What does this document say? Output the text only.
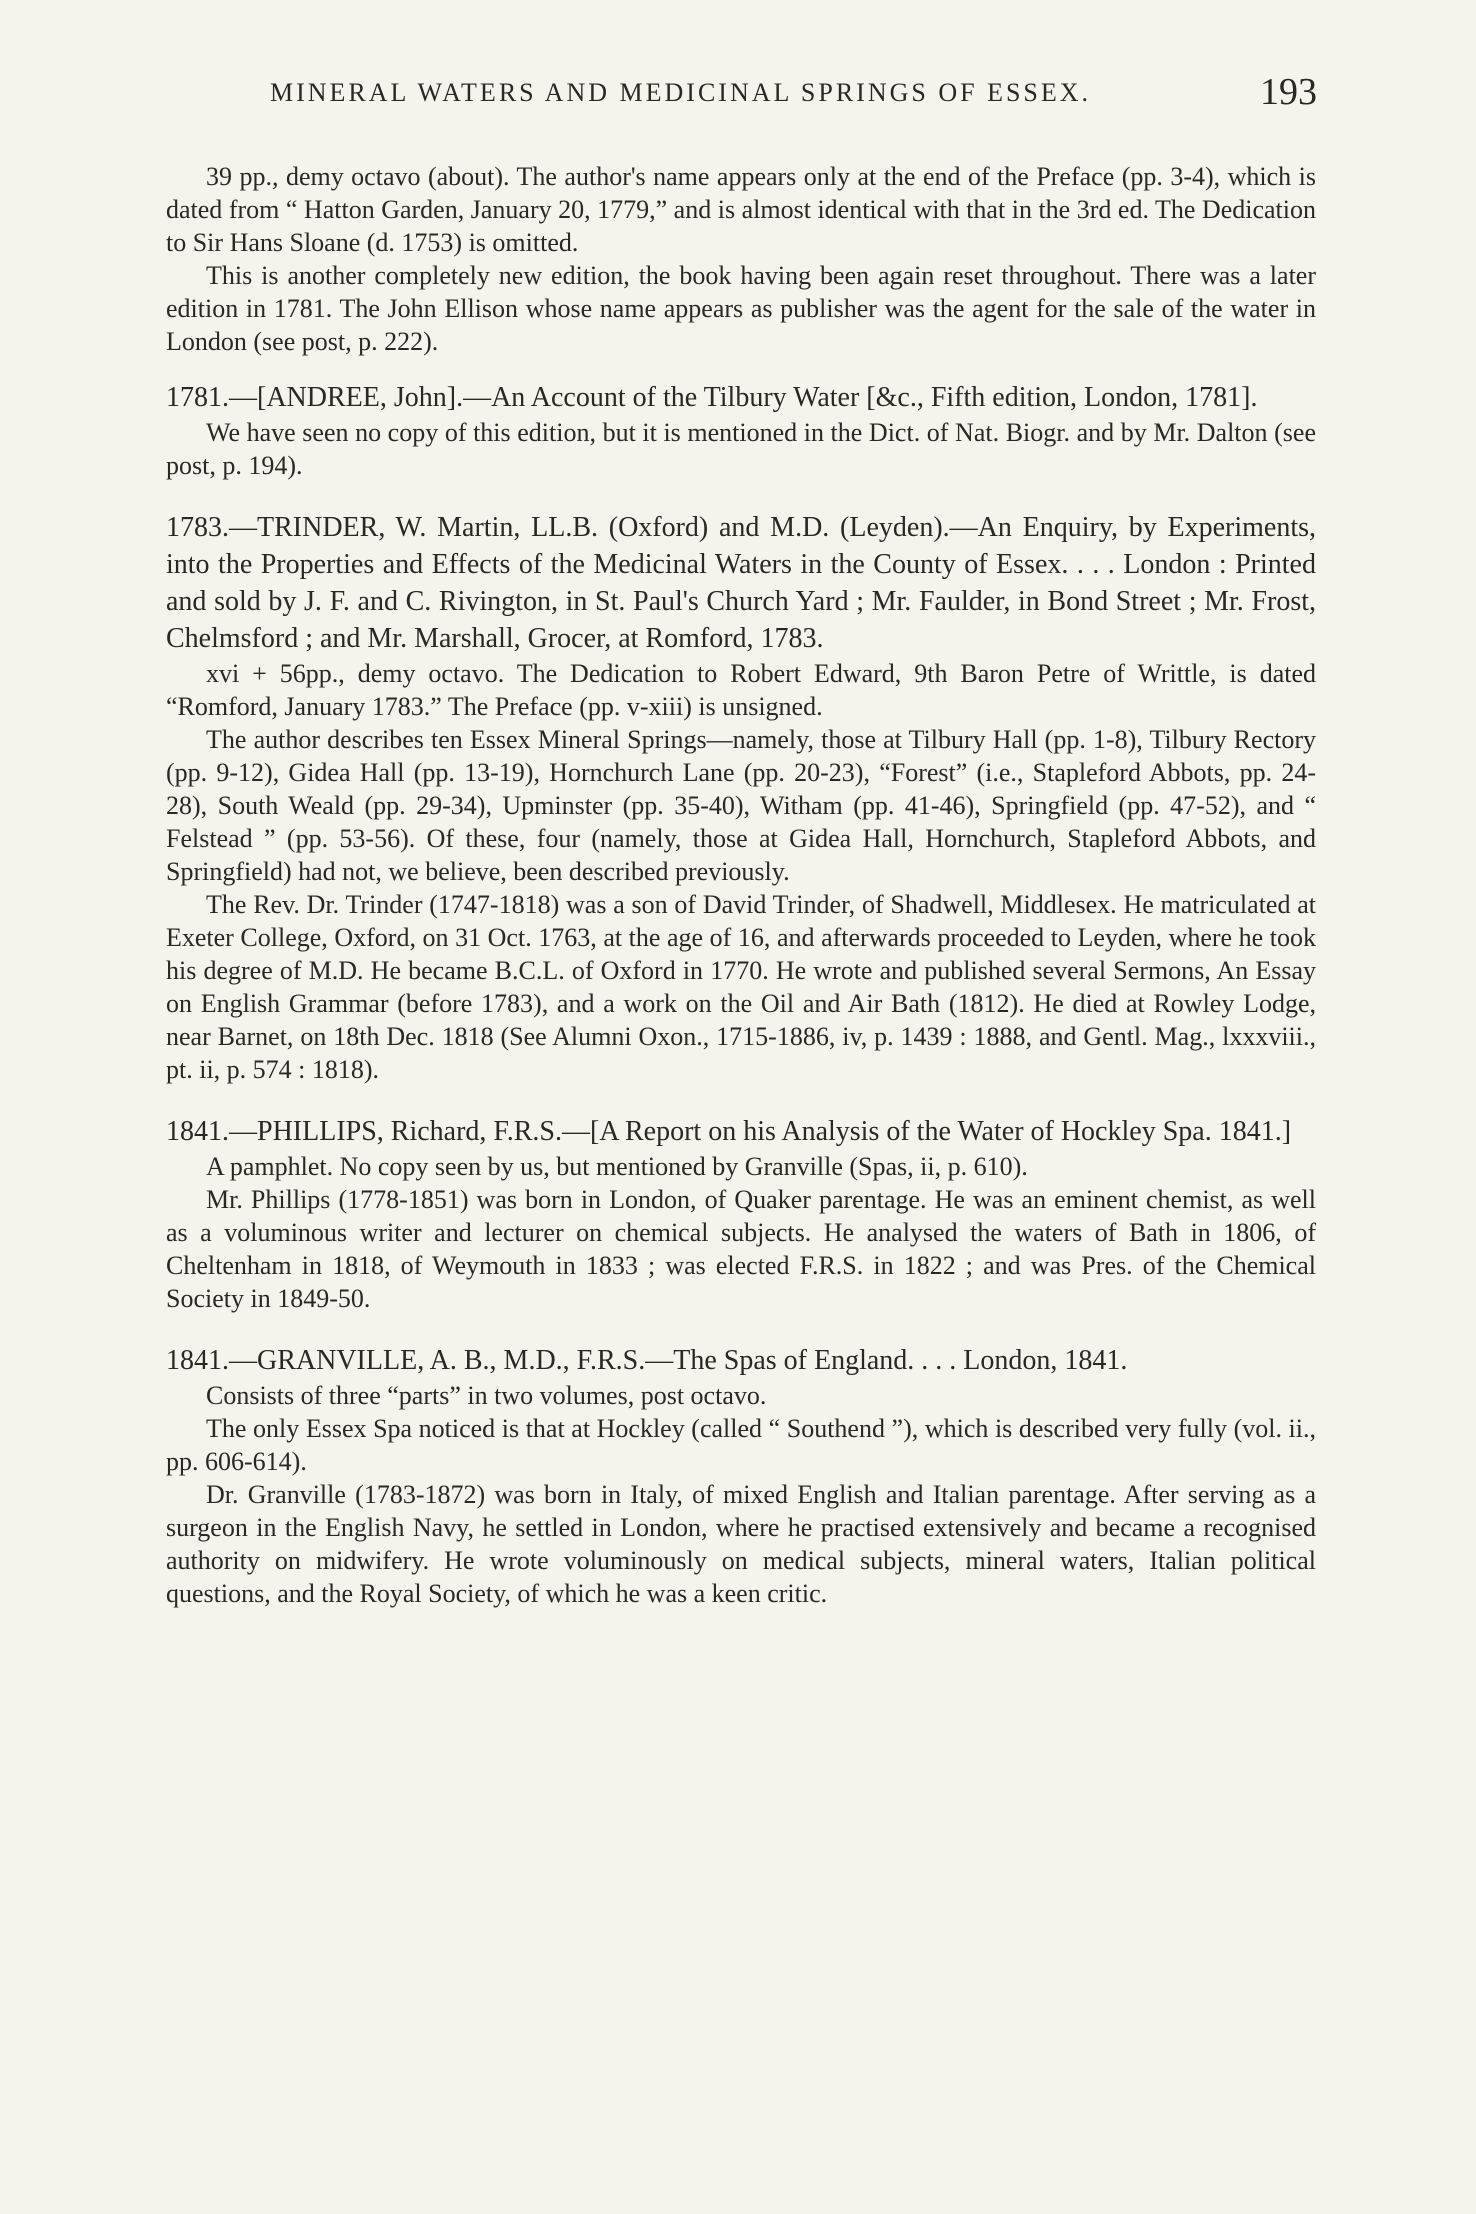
MINERAL WATERS AND MEDICINAL SPRINGS OF ESSEX.	193

39 pp., demy octavo (about). The author's name appears only at the end of the Preface (pp. 3-4), which is dated from “ Hatton Garden, January 20, 1779,” and is almost identical with that in the 3rd ed. The Dedication to Sir Hans Sloane (d. 1753) is omitted.

This is another completely new edition, the book having been again reset throughout. There was a later edition in 1781. The John Ellison whose name appears as publisher was the agent for the sale of the water in London (see post, p. 222).

1781.—[ANDREE, John].—An Account of the Tilbury Water [&c., Fifth edition, London, 1781].

We have seen no copy of this edition, but it is mentioned in the Dict. of Nat. Biogr. and by Mr. Dalton (see post, p. 194).

1783.—TRINDER, W. Martin, LL.B. (Oxford) and M.D. (Leyden).—An Enquiry, by Experiments, into the Properties and Effects of the Medicinal Waters in the County of Essex. . . . London : Printed and sold by J. F. and C. Rivington, in St. Paul's Church Yard ; Mr. Faulder, in Bond Street ; Mr. Frost, Chelmsford ; and Mr. Marshall, Grocer, at Romford, 1783.

xvi + 56pp., demy octavo. The Dedication to Robert Edward, 9th Baron Petre of Writtle, is dated “Romford, January 1783.” The Preface (pp. v-xiii) is unsigned.

The author describes ten Essex Mineral Springs—namely, those at Tilbury Hall (pp. 1-8), Tilbury Rectory (pp. 9-12), Gidea Hall (pp. 13-19), Hornchurch Lane (pp. 20-23), “Forest” (i.e., Stapleford Abbots, pp. 24-28), South Weald (pp. 29-34), Upminster (pp. 35-40), Witham (pp. 41-46), Springfield (pp. 47-52), and “ Felstead ” (pp. 53-56). Of these, four (namely, those at Gidea Hall, Hornchurch, Stapleford Abbots, and Springfield) had not, we believe, been described previously.

The Rev. Dr. Trinder (1747-1818) was a son of David Trinder, of Shadwell, Middlesex. He matriculated at Exeter College, Oxford, on 31 Oct. 1763, at the age of 16, and afterwards proceeded to Leyden, where he took his degree of M.D. He became B.C.L. of Oxford in 1770. He wrote and published several Sermons, An Essay on English Grammar (before 1783), and a work on the Oil and Air Bath (1812). He died at Rowley Lodge, near Barnet, on 18th Dec. 1818 (See Alumni Oxon., 1715-1886, iv, p. 1439 : 1888, and Gentl. Mag., lxxxviii., pt. ii, p. 574 : 1818).

1841.—PHILLIPS, Richard, F.R.S.—[A Report on his Analysis of the Water of Hockley Spa. 1841.]

A pamphlet. No copy seen by us, but mentioned by Granville (Spas, ii, p. 610).

Mr. Phillips (1778-1851) was born in London, of Quaker parentage. He was an eminent chemist, as well as a voluminous writer and lecturer on chemical subjects. He analysed the waters of Bath in 1806, of Cheltenham in 1818, of Weymouth in 1833 ; was elected F.R.S. in 1822 ; and was Pres. of the Chemical Society in 1849-50.

1841.—GRANVILLE, A. B., M.D., F.R.S.—The Spas of England. . . . London, 1841.

Consists of three “parts” in two volumes, post octavo.

The only Essex Spa noticed is that at Hockley (called “ Southend ”), which is described very fully (vol. ii., pp. 606-614).

Dr. Granville (1783-1872) was born in Italy, of mixed English and Italian parentage. After serving as a surgeon in the English Navy, he settled in London, where he practised extensively and became a recognised authority on midwifery. He wrote voluminously on medical subjects, mineral waters, Italian political questions, and the Royal Society, of which he was a keen critic.
